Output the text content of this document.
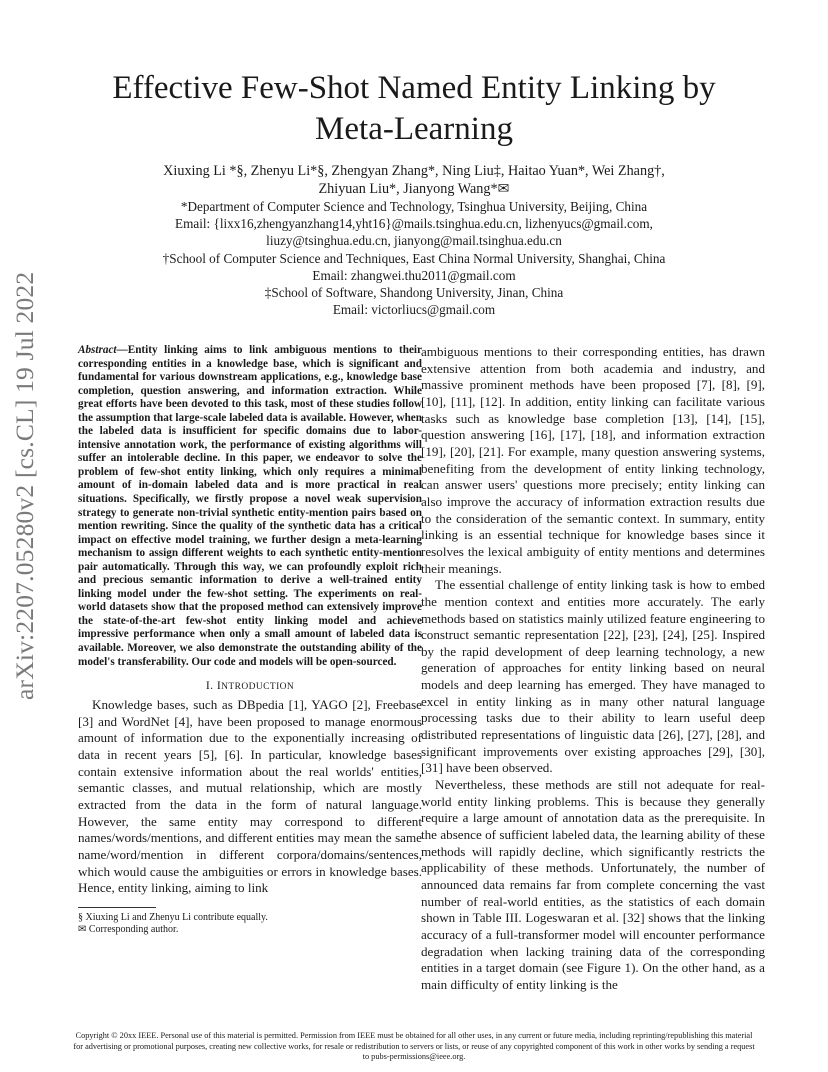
arXiv:2207.05280v2 [cs.CL] 19 Jul 2022
Effective Few-Shot Named Entity Linking by
Meta-Learning
Xiuxing Li *§, Zhenyu Li*§, Zhengyan Zhang*, Ning Liu‡, Haitao Yuan*, Wei Zhang†,
Zhiyuan Liu*, Jianyong Wang*✉
*Department of Computer Science and Technology, Tsinghua University, Beijing, China
Email: {lixx16,zhengyanzhang14,yht16}@mails.tsinghua.edu.cn, lizhenyucs@gmail.com,
liuzy@tsinghua.edu.cn, jianyong@mail.tsinghua.edu.cn
†School of Computer Science and Techniques, East China Normal University, Shanghai, China
Email: zhangwei.thu2011@gmail.com
‡School of Software, Shandong University, Jinan, China
Email: victorliucs@gmail.com

Abstract—Entity linking aims to link ambiguous mentions to their corresponding entities in a knowledge base, which is significant and fundamental for various downstream applications, e.g., knowledge base completion, question answering, and information extraction. While great efforts have been devoted to this task, most of these studies follow the assumption that large-scale labeled data is available. However, when the labeled data is insufficient for specific domains due to labor-intensive annotation work, the performance of existing algorithms will suffer an intolerable decline. In this paper, we endeavor to solve the problem of few-shot entity linking, which only requires a minimal amount of in-domain labeled data and is more practical in real situations. Specifically, we firstly propose a novel weak supervision strategy to generate non-trivial synthetic entity-mention pairs based on mention rewriting. Since the quality of the synthetic data has a critical impact on effective model training, we further design a meta-learning mechanism to assign different weights to each synthetic entity-mention pair automatically. Through this way, we can profoundly exploit rich and precious semantic information to derive a well-trained entity linking model under the few-shot setting. The experiments on real-world datasets show that the proposed method can extensively improve the state-of-the-art few-shot entity linking model and achieve impressive performance when only a small amount of labeled data is available. Moreover, we also demonstrate the outstanding ability of the model's transferability. Our code and models will be open-sourced.

I. INTRODUCTION

Knowledge bases, such as DBpedia [1], YAGO [2], Freebase [3] and WordNet [4], have been proposed to manage enormous amount of information due to the exponentially increasing of data in recent years [5], [6]. In particular, knowledge bases contain extensive information about the real worlds' entities, semantic classes, and mutual relationship, which are mostly extracted from the data in the form of natural language. However, the same entity may correspond to different names/words/mentions, and different entities may mean the same name/word/mention in different corpora/domains/sentences, which would cause the ambiguities or errors in knowledge bases. Hence, entity linking, aiming to link

§ Xiuxing Li and Zhenyu Li contribute equally.
✉ Corresponding author.

ambiguous mentions to their corresponding entities, has drawn extensive attention from both academia and industry, and massive prominent methods have been proposed [7], [8], [9], [10], [11], [12]. In addition, entity linking can facilitate various tasks such as knowledge base completion [13], [14], [15], question answering [16], [17], [18], and information extraction [19], [20], [21]. For example, many question answering systems, benefiting from the development of entity linking technology, can answer users' questions more precisely; entity linking can also improve the accuracy of information extraction results due to the consideration of the semantic context. In summary, entity linking is an essential technique for knowledge bases since it resolves the lexical ambiguity of entity mentions and determines their meanings.

The essential challenge of entity linking task is how to embed the mention context and entities more accurately. The early methods based on statistics mainly utilized feature engineering to construct semantic representation [22], [23], [24], [25]. Inspired by the rapid development of deep learning technology, a new generation of approaches for entity linking based on neural models and deep learning has emerged. They have managed to excel in entity linking as in many other natural language processing tasks due to their ability to learn useful deep distributed representations of linguistic data [26], [27], [28], and significant improvements over existing approaches [29], [30], [31] have been observed.

Nevertheless, these methods are still not adequate for real-world entity linking problems. This is because they generally require a large amount of annotation data as the prerequisite. In the absence of sufficient labeled data, the learning ability of these methods will rapidly decline, which significantly restricts the applicability of these methods. Unfortunately, the number of announced data remains far from complete concerning the vast number of real-world entities, as the statistics of each domain shown in Table III. Logeswaran et al. [32] shows that the linking accuracy of a full-transformer model will encounter performance degradation when lacking training data of the corresponding entities in a target domain (see Figure 1). On the other hand, as a main difficulty of entity linking is the

Copyright © 20xx IEEE. Personal use of this material is permitted. Permission from IEEE must be obtained for all other uses, in any current or future media, including reprinting/republishing this material for advertising or promotional purposes, creating new collective works, for resale or redistribution to servers or lists, or reuse of any copyrighted component of this work in other works by sending a request to pubs-permissions@ieee.org.
